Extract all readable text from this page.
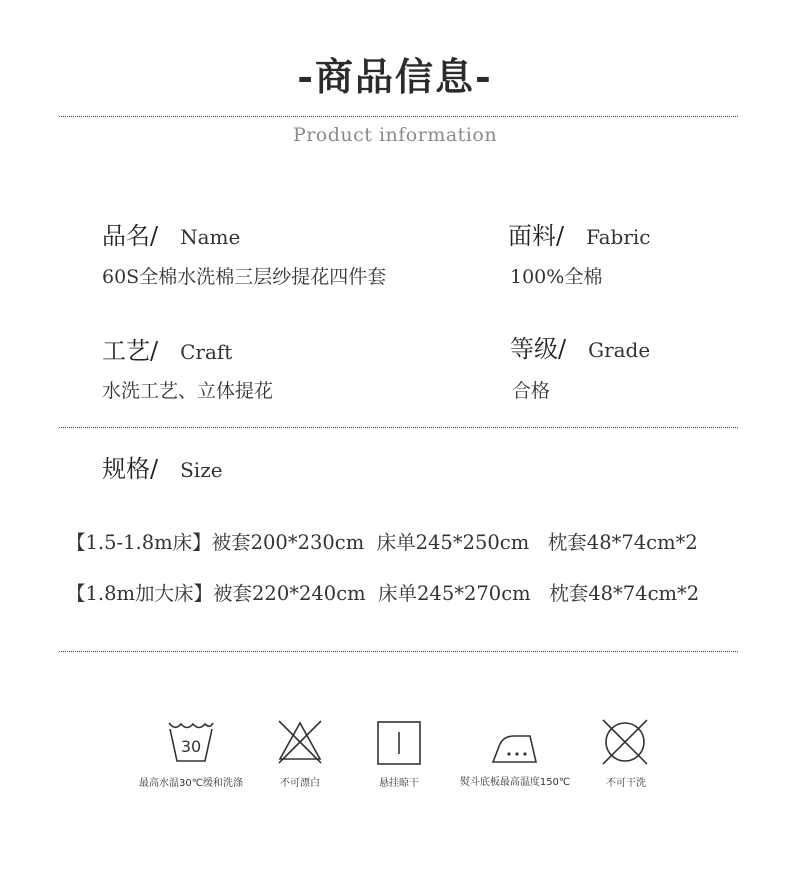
-商品信息-
Product information
品名/ Name
60S全棉水洗棉三层纱提花四件套
面料/ Fabric
100%全棉
工艺/ Craft
水洗工艺、立体提花
等级/ Grade
合格
规格/ Size
【1.5-1.8m床】被套200*230cm  床单245*250cm   枕套48*74cm*2
【1.8m加大床】被套220*240cm  床单245*270cm   枕套48*74cm*2
30
最高水温30℃缓和洗涤	不可漂白	悬挂晾干	熨斗底板最高温度150℃	不可干洗
